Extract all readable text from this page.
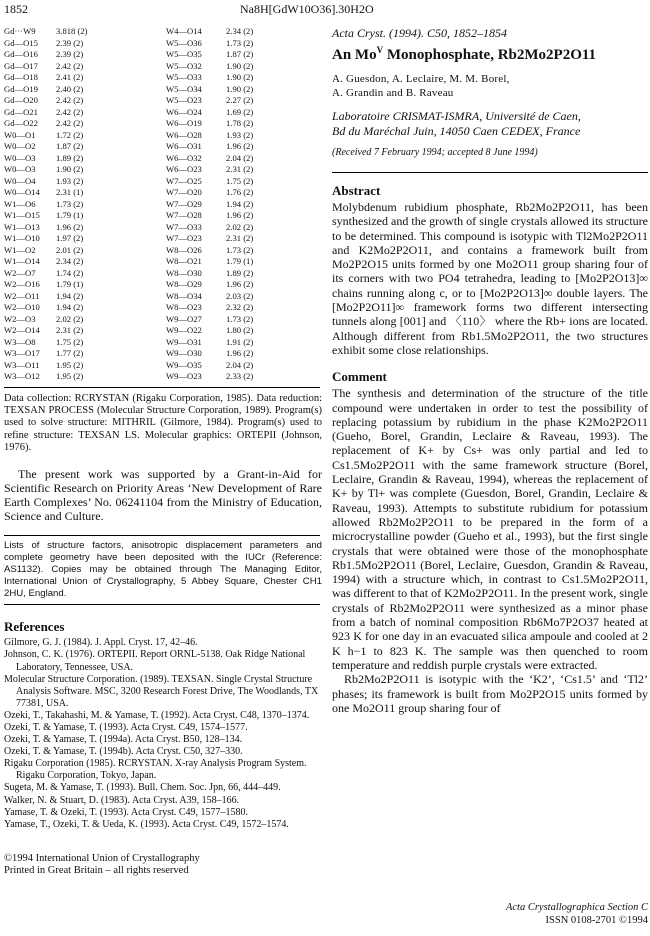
1852	Na8H[GdW10O36].30H2O
Gd···W9	3.818 (2)	W4—O14	2.34 (2)
Gd—O15	2.39 (2)	W5—O36	1.73 (2)
Gd—O16	2.39 (2)	W5—O35	1.87 (2)
Gd—O17	2.42 (2)	W5—O32	1.90 (2)
Gd—O18	2.41 (2)	W5—O33	1.90 (2)
Gd—O19	2.40 (2)	W5—O34	1.90 (2)
Gd—O20	2.42 (2)	W5—O23	2.27 (2)
Gd—O21	2.42 (2)	W6—O24	1.69 (2)
Gd—O22	2.42 (2)	W6—O19	1.78 (2)
W0—O1	1.72 (2)	W6—O28	1.93 (2)
W0—O2	1.87 (2)	W6—O31	1.96 (2)
W0—O3	1.89 (2)	W6—O32	2.04 (2)
W0—O3	1.90 (2)	W6—O23	2.31 (2)
W0—O4	1.93 (2)	W7—O25	1.75 (2)
W0—O14	2.31 (1)	W7—O20	1.76 (2)
W1—O6	1.73 (2)	W7—O29	1.94 (2)
W1—O15	1.79 (1)	W7—O28	1.96 (2)
W1—O13	1.96 (2)	W7—O33	2.02 (2)
W1—O10	1.97 (2)	W7—O23	2.31 (2)
W1—O2	2.01 (2)	W8—O26	1.73 (2)
W1—O14	2.34 (2)	W8—O21	1.79 (1)
W2—O7	1.74 (2)	W8—O30	1.89 (2)
W2—O16	1.79 (1)	W8—O29	1.96 (2)
W2—O11	1.94 (2)	W8—O34	2.03 (2)
W2—O10	1.94 (2)	W8—O23	2.32 (2)
W2—O3	2.02 (2)	W9—O27	1.73 (2)
W2—O14	2.31 (2)	W9—O22	1.80 (2)
W3—O8	1.75 (2)	W9—O31	1.91 (2)
W3—O17	1.77 (2)	W9—O30	1.96 (2)
W3—O11	1.95 (2)	W9—O35	2.04 (2)
W3—O12	1.95 (2)	W9—O23	2.33 (2)

Data collection: RCRYSTAN (Rigaku Corporation, 1985). Data reduction: TEXSAN PROCESS (Molecular Structure Corporation, 1989). Program(s) used to solve structure: MITHRIL (Gilmore, 1984). Program(s) used to refine structure: TEXSAN LS. Molecular graphics: ORTEPII (Johnson, 1976).

The present work was supported by a Grant-in-Aid for Scientific Research on Priority Areas ‘New Development of Rare Earth Complexes’ No. 06241104 from the Ministry of Education, Science and Culture.

Lists of structure factors, anisotropic displacement parameters and complete geometry have been deposited with the IUCr (Reference: AS1132). Copies may be obtained through The Managing Editor, International Union of Crystallography, 5 Abbey Square, Chester CH1 2HU, England.

References
Gilmore, G. J. (1984). J. Appl. Cryst. 17, 42–46.
Johnson, C. K. (1976). ORTEPII. Report ORNL-5138. Oak Ridge National Laboratory, Tennessee, USA.
Molecular Structure Corporation. (1989). TEXSAN. Single Crystal Structure Analysis Software. MSC, 3200 Research Forest Drive, The Woodlands, TX 77381, USA.
Ozeki, T., Takahashi, M. & Yamase, T. (1992). Acta Cryst. C48, 1370–1374.
Ozeki, T. & Yamase, T. (1993). Acta Cryst. C49, 1574–1577.
Ozeki, T. & Yamase, T. (1994a). Acta Cryst. B50, 128–134.
Ozeki, T. & Yamase, T. (1994b). Acta Cryst. C50, 327–330.
Rigaku Corporation (1985). RCRYSTAN. X-ray Analysis Program System. Rigaku Corporation, Tokyo, Japan.
Sugeta, M. & Yamase, T. (1993). Bull. Chem. Soc. Jpn, 66, 444–449.
Walker, N. & Stuart, D. (1983). Acta Cryst. A39, 158–166.
Yamase, T. & Ozeki, T. (1993). Acta Cryst. C49, 1577–1580.
Yamase, T., Ozeki, T. & Ueda, K. (1993). Acta Cryst. C49, 1572–1574.
©1994 International Union of Crystallography
Printed in Great Britain – all rights reserved
Acta Cryst. (1994). C50, 1852–1854
An $Mo^V$ Monophosphate, Rb2Mo2P2O11
A. Guesdon, A. Leclaire, M. M. Borel,
A. Grandin and B. Raveau
Laboratoire CRISMAT-ISMRA, Université de Caen,
Bd du Maréchal Juin, 14050 Caen CEDEX, France
(Received 7 February 1994; accepted 8 June 1994)
Abstract

Molybdenum rubidium phosphate, Rb2Mo2P2O11, has been synthesized and the growth of single crystals allowed its structure to be determined. This compound is isotypic with Tl2Mo2P2O11 and K2Mo2P2O11, and contains a framework built from Mo2P2O15 units formed by one Mo2O11 group sharing four of its corners with two PO4 tetrahedra, leading to [Mo2P2O13]∞ chains running along c, or to [Mo2P2O13]∞ double layers. The [Mo2P2O11]∞ framework forms two different intersecting tunnels along [001] and 〈110〉 where the Rb+ ions are located. Although different from Rb1.5Mo2P2O11, the two structures exhibit some close relationships.

Comment

The synthesis and determination of the structure of the title compound were undertaken in order to test the possibility of replacing potassium by rubidium in the phase K2Mo2P2O11 (Gueho, Borel, Grandin, Leclaire & Raveau, 1993). The replacement of K+ by Cs+ was only partial and led to Cs1.5Mo2P2O11 with the same framework structure (Borel, Leclaire, Grandin & Raveau, 1994), whereas the replacement of K+ by Tl+ was complete (Guesdon, Borel, Grandin, Leclaire & Raveau, 1993). Attempts to substitute rubidium for potassium allowed Rb2Mo2P2O11 to be prepared in the form of a microcrystalline powder (Gueho et al., 1993), but the first single crystals that were obtained were those of the monophosphate Rb1.5Mo2P2O11 (Borel, Leclaire, Guesdon, Grandin & Raveau, 1994) with a structure which, in contrast to Cs1.5Mo2P2O11, was different to that of K2Mo2P2O11. In the present work, single crystals of Rb2Mo2P2O11 were synthesized as a minor phase from a batch of nominal composition Rb6Mo7P2O37 heated at 923 K for one day in an evacuated silica ampoule and cooled at 2 K h−1 to 823 K. The sample was then quenched to room temperature and reddish purple crystals were extracted.

Rb2Mo2P2O11 is isotypic with the ‘K2’, ‘Cs1.5’ and ‘Tl2’ phases; its framework is built from Mo2P2O15 units formed by one Mo2O11 group sharing four of

Acta Crystallographica Section C
ISSN 0108-2701 ©1994
